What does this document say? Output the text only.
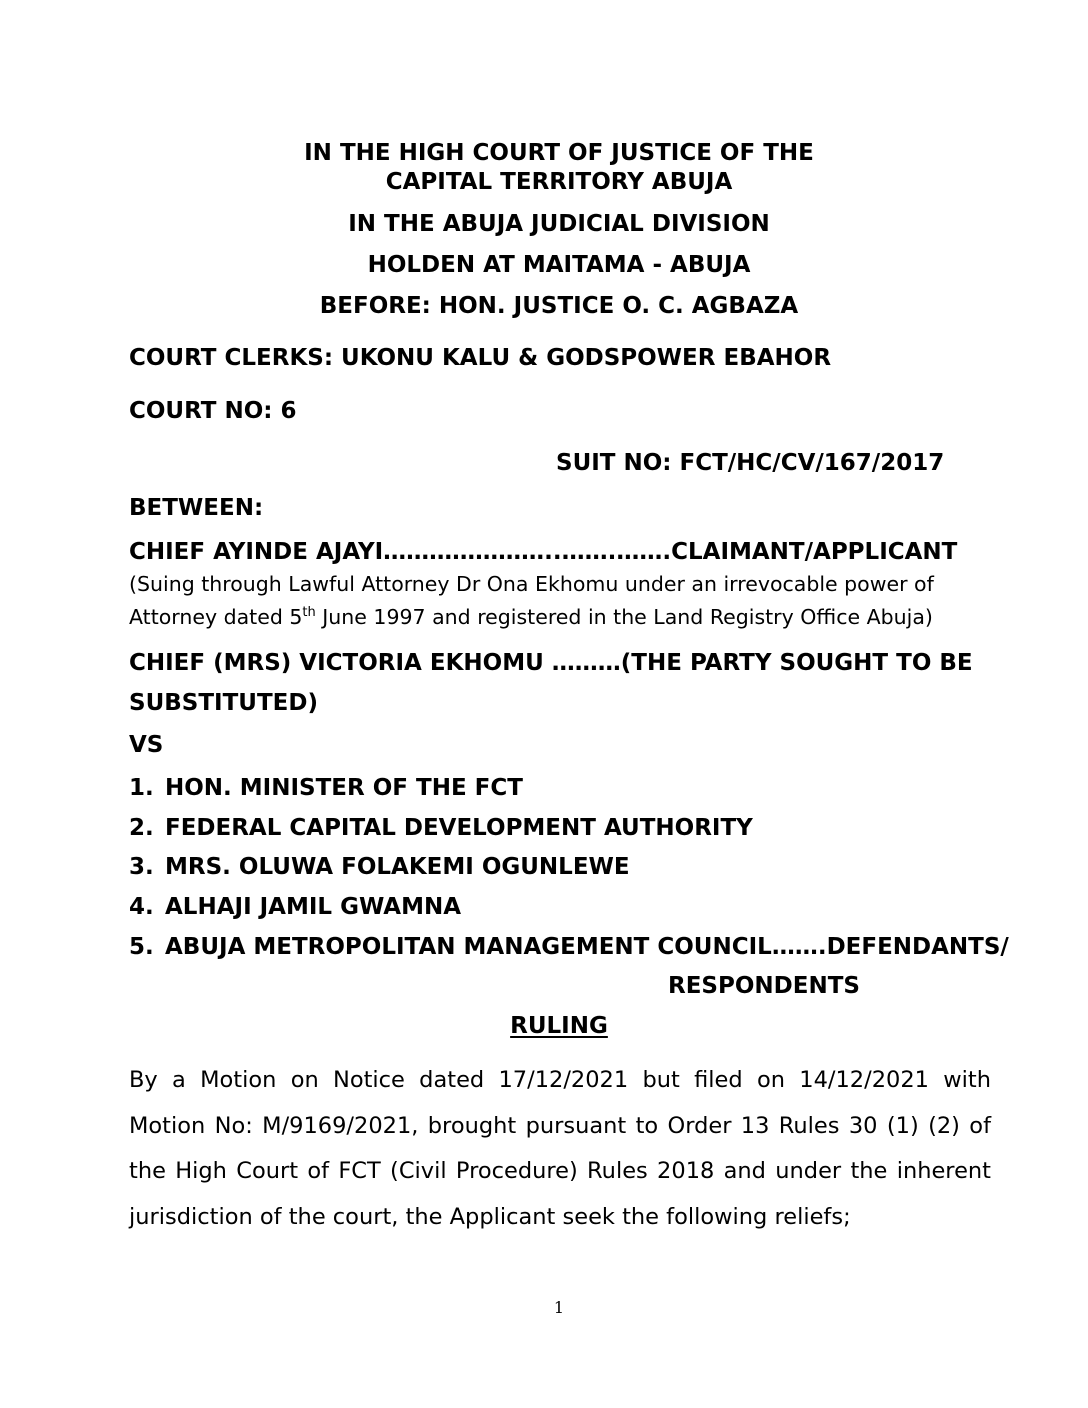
IN THE HIGH COURT OF JUSTICE OF THE
CAPITAL TERRITORY ABUJA
IN THE ABUJA JUDICIAL DIVISION
HOLDEN AT MAITAMA - ABUJA
BEFORE: HON. JUSTICE O. C. AGBAZA
COURT CLERKS: UKONU KALU & GODSPOWER EBAHOR
COURT NO: 6
SUIT NO: FCT/HC/CV/167/2017
BETWEEN:
CHIEF AYINDE AJAYI…………………..…….…….CLAIMANT/APPLICANT
(Suing through Lawful Attorney Dr Ona Ekhomu under an irrevocable power of
Attorney dated 5th June 1997 and registered in the Land Registry Office Abuja)
CHIEF (MRS) VICTORIA EKHOMU ………(THE PARTY SOUGHT TO BE
SUBSTITUTED)
VS
1. HON. MINISTER OF THE FCT
2. FEDERAL CAPITAL DEVELOPMENT AUTHORITY
3. MRS. OLUWA FOLAKEMI OGUNLEWE
4. ALHAJI JAMIL GWAMNA
5. ABUJA METROPOLITAN MANAGEMENT COUNCIL…….DEFENDANTS/
RESPONDENTS
RULING
By a Motion on Notice dated 17/12/2021 but filed on 14/12/2021 with Motion No: M/9169/2021, brought pursuant to Order 13 Rules 30 (1) (2) of the High Court of FCT (Civil Procedure) Rules 2018 and under the inherent jurisdiction of the court, the Applicant seek the following reliefs;
1
